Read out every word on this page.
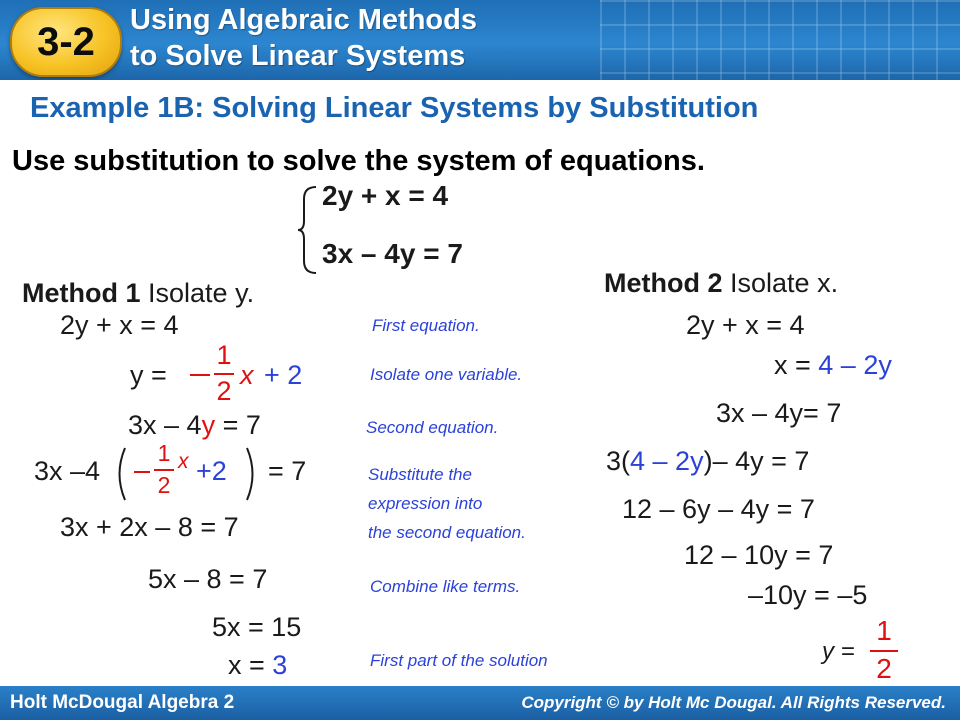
3-2	Using Algebraic Methods
to Solve Linear Systems
Example 1B: Solving Linear Systems by Substitution
Use substitution to solve the system of equations.
2y + x = 4
3x – 4y = 7
Method 1 Isolate y.
2y + x = 4
y =
1
2
x + 2
3x – 4y = 7
3x –4
1
2
x +2 = 7
3x + 2x – 8 = 7
5x – 8 = 7
5x = 15
x = 3
First equation.
Isolate one variable.
Second equation.
Substitute the
expression into
the second equation.
Combine like terms.
First part of the solution
Method 2 Isolate x.
2y + x = 4
x = 4 – 2y
3x – 4y= 7
3(4 – 2y)– 4y = 7
12 – 6y – 4y = 7
12 – 10y = 7
–10y = –5
y =
1
2
Holt McDougal Algebra 2	Copyright © by Holt Mc Dougal. All Rights Reserved.
